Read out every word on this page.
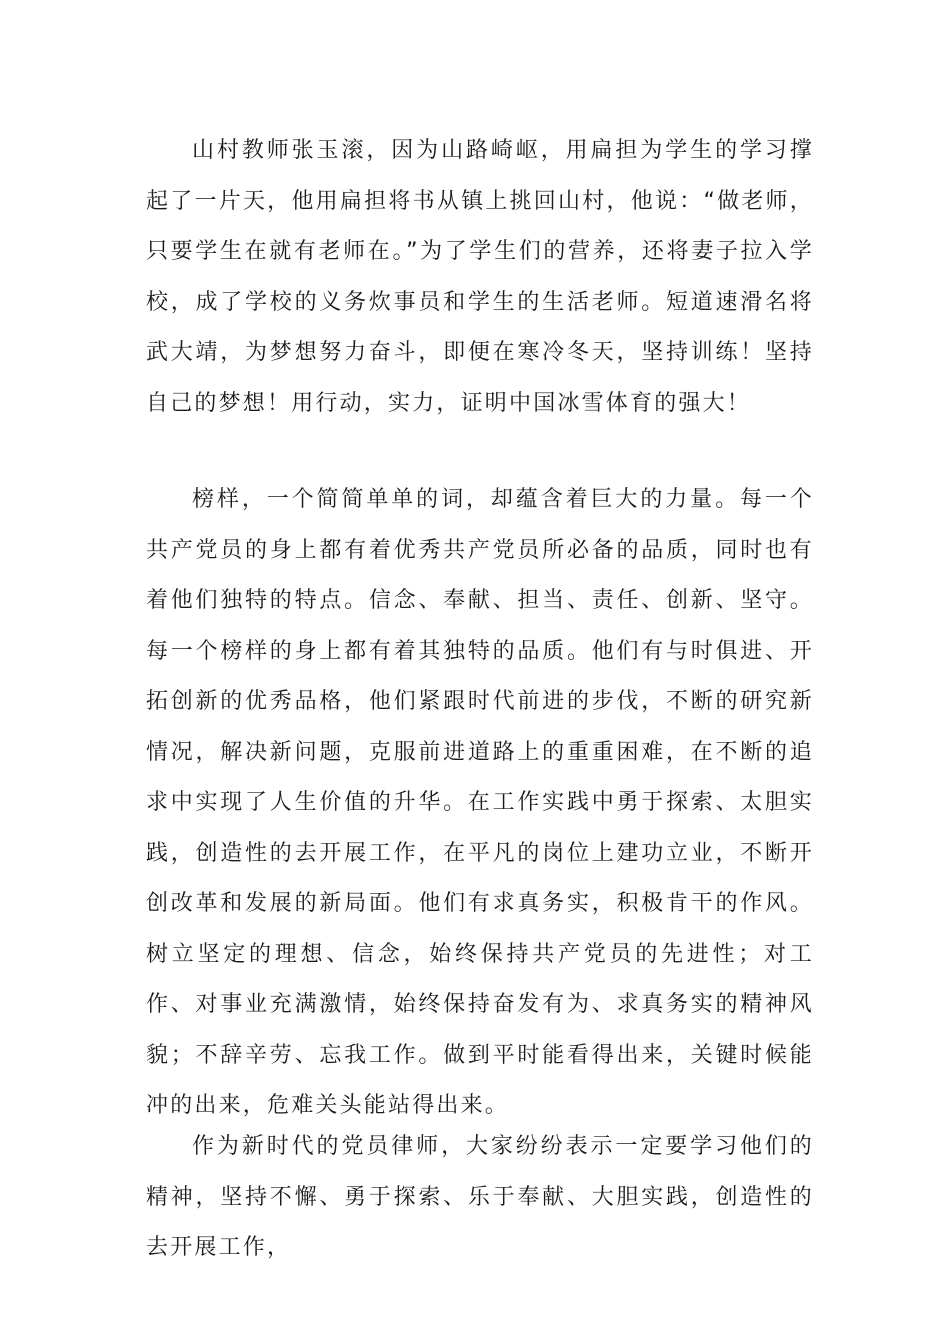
山村教师张玉滚，因为山路崎岖，用扁担为学生的学习撑起了一片天，他用扁担将书从镇上挑回山村，他说：“做老师，只要学生在就有老师在。”为了学生们的营养，还将妻子拉入学校，成了学校的义务炊事员和学生的生活老师。短道速滑名将武大靖，为梦想努力奋斗，即便在寒冷冬天，坚持训练！坚持自己的梦想！用行动，实力，证明中国冰雪体育的强大！

榜样，一个简简单单的词，却蕴含着巨大的力量。每一个共产党员的身上都有着优秀共产党员所必备的品质，同时也有着他们独特的特点。信念、奉献、担当、责任、创新、坚守。每一个榜样的身上都有着其独特的品质。他们有与时俱进、开拓创新的优秀品格，他们紧跟时代前进的步伐，不断的研究新情况，解决新问题，克服前进道路上的重重困难，在不断的追求中实现了人生价值的升华。在工作实践中勇于探索、太胆实践，创造性的去开展工作，在平凡的岗位上建功立业，不断开创改革和发展的新局面。他们有求真务实，积极肯干的作风。树立坚定的理想、信念，始终保持共产党员的先进性；对工作、对事业充满激情，始终保持奋发有为、求真务实的精神风貌；不辞辛劳、忘我工作。做到平时能看得出来，关键时候能冲的出来，危难关头能站得出来。

作为新时代的党员律师，大家纷纷表示一定要学习他们的精神，坚持不懈、勇于探索、乐于奉献、大胆实践，创造性的去开展工作，
